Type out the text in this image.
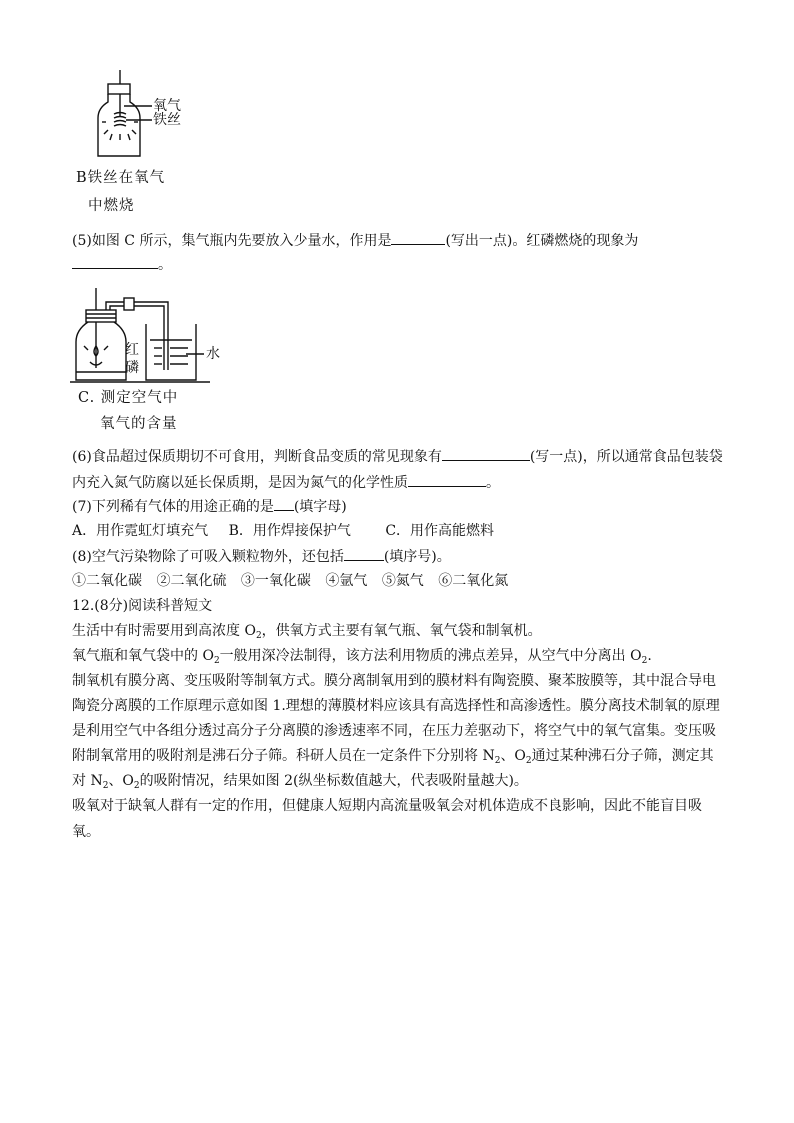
氧气
铁丝
B铁丝在氧气
中燃烧
(5)如图 C 所示，集气瓶内先要放入少量水，作用是	(写出一点)。红磷燃烧的现象为
。
红
磷
水
C. 测定空气中
氧气的含量
(6)食品超过保质期切不可食用，判断食品变质的常见现象有	(写一点)，所以通常食品包装袋
内充入氮气防腐以延长保质期，是因为氮气的化学性质	。
(7)下列稀有气体的用途正确的是 (填字母)
A．用作霓虹灯填充气 B．用作焊接保护气 C．用作高能燃料
(8)空气污染物除了可吸入颗粒物外，还包括	(填序号)。
①二氧化碳 ②二氧化硫 ③一氧化碳 ④氩气 ⑤氮气 ⑥二氧化氮
12.(8分)阅读科普短文
生活中有时需要用到高浓度 $O_2$，供氧方式主要有氧气瓶、氧气袋和制氧机。
氧气瓶和氧气袋中的 $O_2$一般用深冷法制得，该方法利用物质的沸点差异，从空气中分离出 $O_2$.
制氧机有膜分离、变压吸附等制氧方式。膜分离制氧用到的膜材料有陶瓷膜、聚苯胺膜等，其中混合导电
陶瓷分离膜的工作原理示意如图 1.理想的薄膜材料应该具有高选择性和高渗透性。膜分离技术制氧的原理
是利用空气中各组分透过高分子分离膜的渗透速率不同，在压力差驱动下，将空气中的氧气富集。变压吸
附制氧常用的吸附剂是沸石分子筛。科研人员在一定条件下分别将 $N_2$、$O_2$通过某种沸石分子筛，测定其
对 $N_2$、$O_2$的吸附情况，结果如图 2(纵坐标数值越大，代表吸附量越大)。
吸氧对于缺氧人群有一定的作用，但健康人短期内高流量吸氧会对机体造成不良影响，因此不能盲目吸
氧。
